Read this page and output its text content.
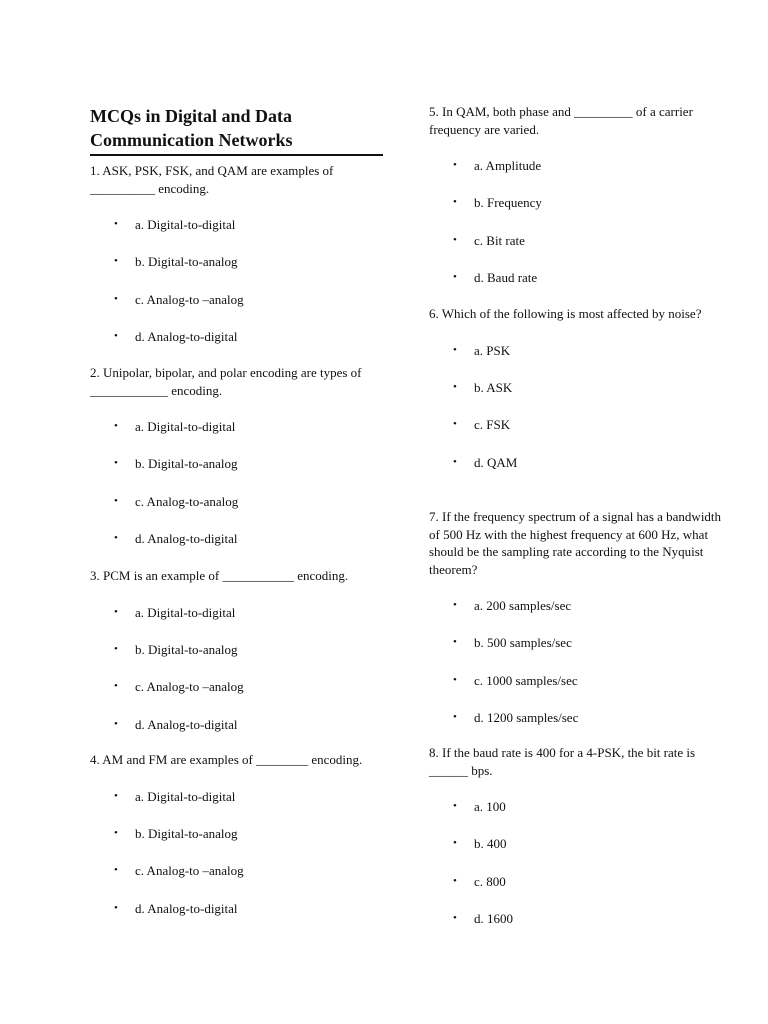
MCQs in Digital and Data Communication Networks

1. ASK, PSK, FSK, and QAM are examples of __________ encoding.

• a. Digital-to-digital
• b. Digital-to-analog
• c. Analog-to –analog
• d. Analog-to-digital

2. Unipolar, bipolar, and polar encoding are types of ____________ encoding.

• a. Digital-to-digital
• b. Digital-to-analog
• c. Analog-to-analog
• d. Analog-to-digital

3. PCM is an example of ___________ encoding.

• a. Digital-to-digital
• b. Digital-to-analog
• c. Analog-to –analog
• d. Analog-to-digital

4. AM and FM are examples of ________ encoding.

• a. Digital-to-digital
• b. Digital-to-analog
• c. Analog-to –analog
• d. Analog-to-digital

5. In QAM, both phase and _________ of a carrier frequency are varied.

• a. Amplitude
• b. Frequency
• c. Bit rate
• d. Baud rate

6. Which of the following is most affected by noise?

• a. PSK
• b. ASK
• c. FSK
• d. QAM

7. If the frequency spectrum of a signal has a bandwidth of 500 Hz with the highest frequency at 600 Hz, what should be the sampling rate according to the Nyquist theorem?

• a. 200 samples/sec
• b. 500 samples/sec
• c. 1000 samples/sec
• d. 1200 samples/sec

8. If the baud rate is 400 for a 4-PSK, the bit rate is ______ bps.

• a. 100
• b. 400
• c. 800
• d. 1600
